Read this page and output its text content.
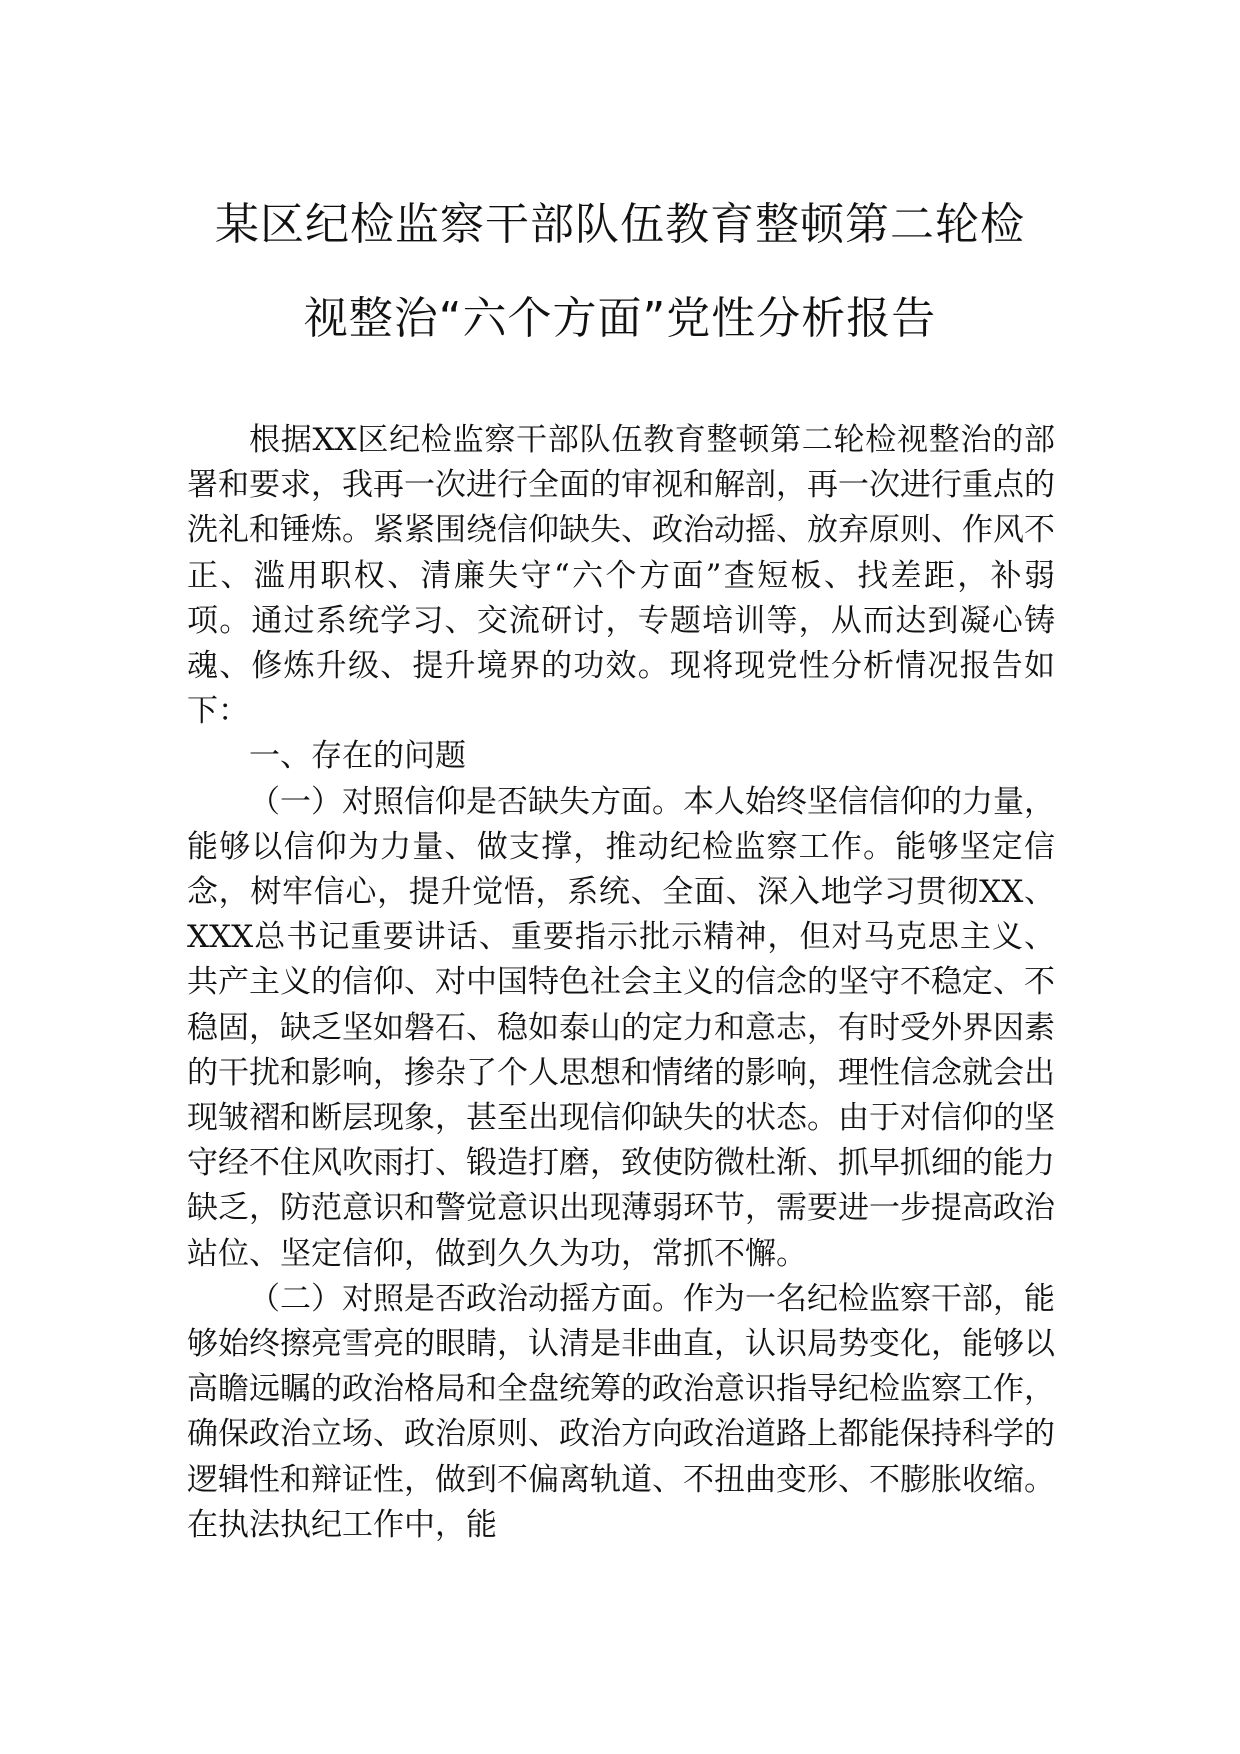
某区纪检监察干部队伍教育整顿第二轮检
视整治“六个方面”党性分析报告

根据XX区纪检监察干部队伍教育整顿第二轮检视整治的部署和要求，我再一次进行全面的审视和解剖，再一次进行重点的洗礼和锤炼。紧紧围绕信仰缺失、政治动摇、放弃原则、作风不正、滥用职权、清廉失守“六个方面”查短板、找差距，补弱项。通过系统学习、交流研讨，专题培训等，从而达到凝心铸魂、修炼升级、提升境界的功效。现将现党性分析情况报告如下：

一、存在的问题

（一）对照信仰是否缺失方面。本人始终坚信信仰的力量，能够以信仰为力量、做支撑，推动纪检监察工作。能够坚定信念，树牢信心，提升觉悟，系统、全面、深入地学习贯彻XX、XXX总书记重要讲话、重要指示批示精神，但对马克思主义、共产主义的信仰、对中国特色社会主义的信念的坚守不稳定、不稳固，缺乏坚如磐石、稳如泰山的定力和意志，有时受外界因素的干扰和影响，掺杂了个人思想和情绪的影响，理性信念就会出现皱褶和断层现象，甚至出现信仰缺失的状态。由于对信仰的坚守经不住风吹雨打、锻造打磨，致使防微杜渐、抓早抓细的能力缺乏，防范意识和警觉意识出现薄弱环节，需要进一步提高政治站位、坚定信仰，做到久久为功，常抓不懈。

（二）对照是否政治动摇方面。作为一名纪检监察干部，能够始终擦亮雪亮的眼睛，认清是非曲直，认识局势变化，能够以高瞻远瞩的政治格局和全盘统筹的政治意识指导纪检监察工作，确保政治立场、政治原则、政治方向政治道路上都能保持科学的逻辑性和辩证性，做到不偏离轨道、不扭曲变形、不膨胀收缩。在执法执纪工作中，能
